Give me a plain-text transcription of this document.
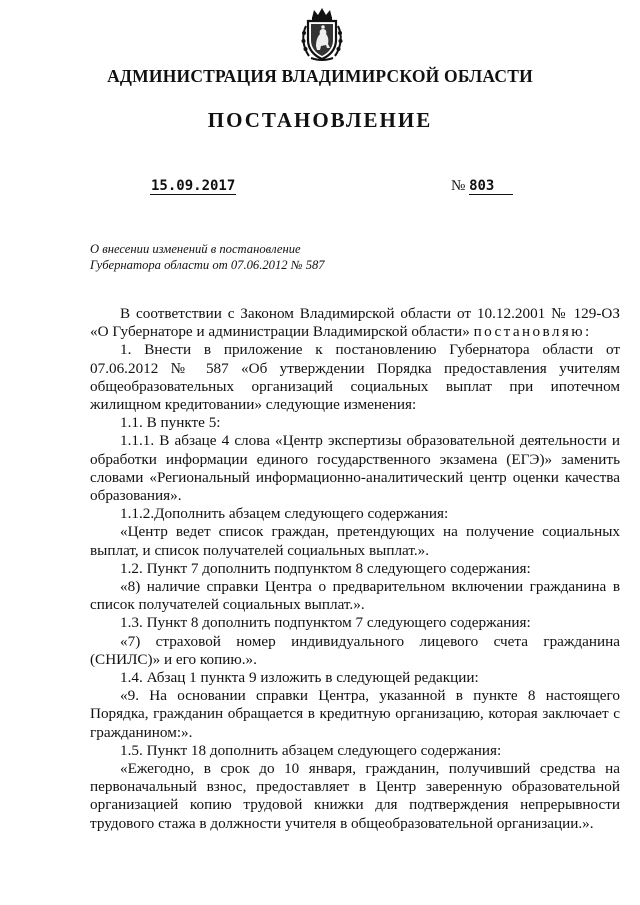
АДМИНИСТРАЦИЯ ВЛАДИМИРСКОЙ ОБЛАСТИ
ПОСТАНОВЛЕНИЕ
15.09.2017	№ 803
О внесении изменений в постановление
Губернатора области от 07.06.2012 № 587

В соответствии с Законом Владимирской области от 10.12.2001 № 129-ОЗ «О Губернаторе и администрации Владимирской области» постановляю:

1. Внести в приложение к постановлению Губернатора области от 07.06.2012 № 587 «Об утверждении Порядка предоставления учителям общеобразовательных организаций социальных выплат при ипотечном жилищном кредитовании» следующие изменения:

1.1. В пункте 5:

1.1.1. В абзаце 4 слова «Центр экспертизы образовательной деятельности и обработки информации единого государственного экзамена (ЕГЭ)» заменить словами «Региональный информационно-аналитический центр оценки качества образования».

1.1.2.Дополнить абзацем следующего содержания:

«Центр ведет список граждан, претендующих на получение социальных выплат, и список получателей социальных выплат.».

1.2. Пункт 7 дополнить подпунктом 8 следующего содержания:

«8) наличие справки Центра о предварительном включении гражданина в список получателей социальных выплат.».

1.3. Пункт 8 дополнить подпунктом 7 следующего содержания:

«7) страховой номер индивидуального лицевого счета гражданина (СНИЛС)» и его копию.».

1.4. Абзац 1 пункта 9 изложить в следующей редакции:

«9. На основании справки Центра, указанной в пункте 8 настоящего Порядка, гражданин обращается в кредитную организацию, которая заключает с гражданином:».

1.5. Пункт 18 дополнить абзацем следующего содержания:

«Ежегодно, в срок до 10 января, гражданин, получивший средства на первоначальный взнос, предоставляет в Центр заверенную образовательной организацией копию трудовой книжки для подтверждения непрерывности трудового стажа в должности учителя в общеобразовательной организации.».
